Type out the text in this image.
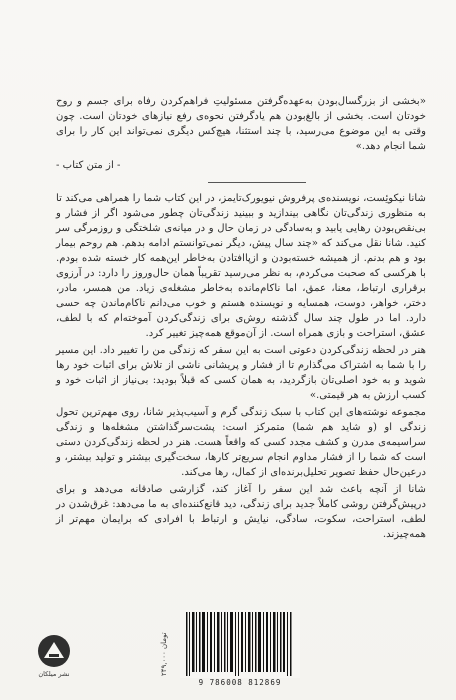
«بخشی از بزرگسال‌بودن به‌عهده‌گرفتن مسئولیتِ فراهم‌کردن رفاه برای جسم و روح خودتان است. بخشی از بالغ‌بودن هم یادگرفتن نحوه‌ی رفع نیازهای خودتان است. چون وقتی به این موضوع می‌رسید، با چند استثنا، هیچ‌کس دیگری نمی‌تواند این کار را برای شما انجام دهد.»

- از متن کتاب -

شانا نیکوئِست، نویسنده‌ی پرفروش نیویورک‌تایمز، در این کتاب شما را همراهی می‌کند تا به منظوری زندگی‌تان نگاهی بیندازید و ببینید زندگی‌تان چطور می‌شود اگر از فشار و بی‌نقص‌بودن رهایی یابید و به‌سادگی در زمان حال و در میانه‌ی شلختگی و روزمرگی سر کنید. شانا نقل می‌کند که «چند سال پیش، دیگر نمی‌توانستم ادامه بدهم. هم روحم بیمار بود و هم بدنم. از همیشه خسته‌بودن و ازپاافتادن به‌خاطر این‌همه کار خسته شده بودم. با هرکسی که صحبت می‌کردم، به نظر می‌رسید تقریباً همان حال‌وروز را دارد: در آرزوی برقراری ارتباط، معنا، عمق، اما ناکام‌مانده به‌خاطر مشغله‌ی زیاد. من همسر، مادر، دختر، خواهر، دوست، همسایه و نویسنده هستم و خوب می‌دانم ناکام‌ماندن چه حسی دارد. اما در طول چند سال گذشته روش‌ی برای زندگی‌کردن آموخته‌ام که با لطف، عشق، استراحت و بازی همراه است. از آن‌موقع همه‌چیز تغییر کرد.

هنر در لحظه زندگی‌کردن دعوتی است به این سفر که زندگی من را تغییر داد. این مسیر را با شما به اشتراک می‌گذارم تا از فشار و پریشانی ناشی از تلاش برای اثبات خود رها شوید و به خود اصلی‌تان بازگردید، به همان کسی که قبلاً بودید: بی‌نیاز از اثبات خود و کسب ارزش به هر قیمتی.»

مجموعه نوشته‌های این کتاب با سبک زندگی گرم و آسیب‌پذیر شانا، روی مهم‌ترین تحول زندگی او (و شاید هم شما) متمرکز است: پشت‌سرگذاشتن مشغله‌ها و زندگی سراسیمه‌ی مدرن و کشف مجدد کسی که واقعاً هست. هنر در لحظه زندگی‌کردن دستی است که شما را از فشار مداوم انجام سریع‌تر کارها، سخت‌گیری بیشتر و تولید بیشتر، و درعین‌حال حفظ تصویر تحلیل‌برنده‌ای از کمال، رها می‌کند.

شانا از آنچه باعث شد این سفر را آغاز کند، گزارشی صادقانه می‌دهد و برای درپیش‌گرفتن روشی کاملاً جدید برای زندگی، دید قانع‌کننده‌ای به ما می‌دهد: غرق‌شدن در لطف، استراحت، سکوت، سادگی، نیایش و ارتباط با افرادی که برایمان مهم‌تر از همه‌چیزند.

۲۴۹,۰۰۰ تومان
9 786008 812869
نشر میلکان
